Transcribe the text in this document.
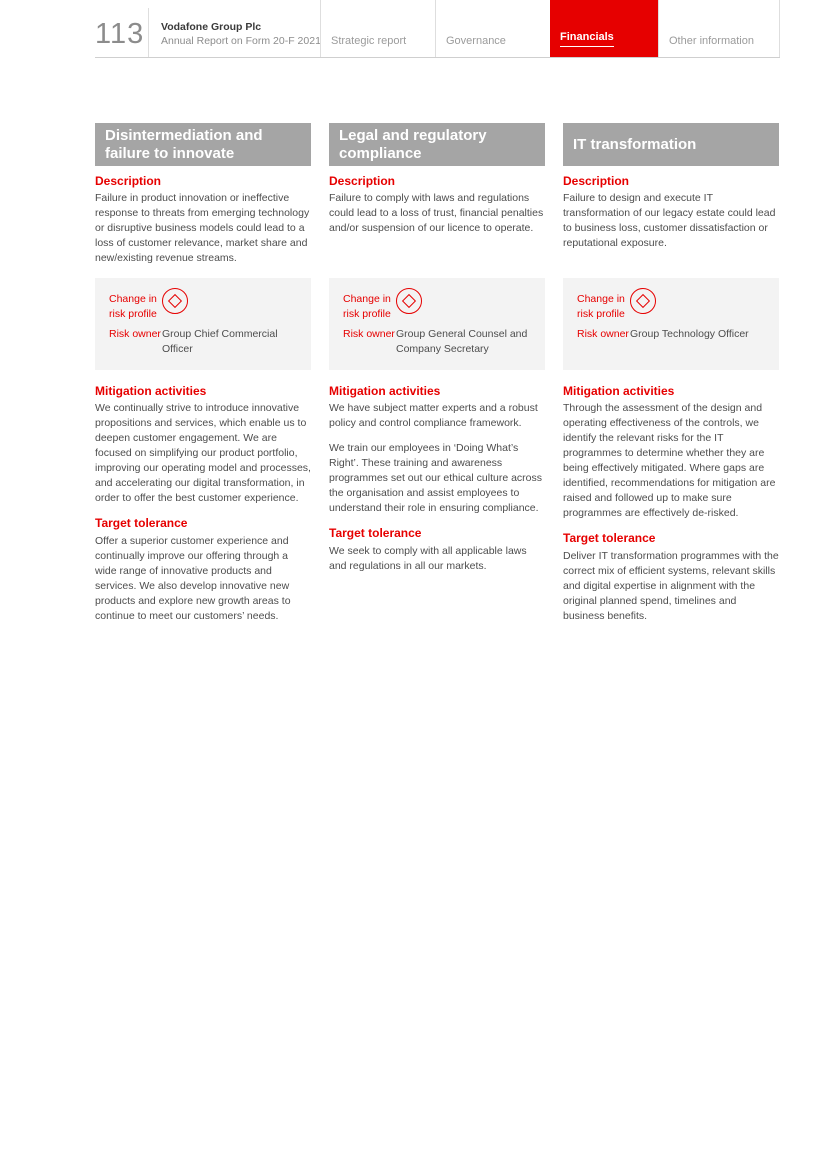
113 Vodafone Group Plc
Annual Report on Form 20-F 2021 Strategic report	Governance	Financials	Other information
Disintermediation and failure to innovate
Description

Failure in product innovation or ineffective response to threats from emerging technology or disruptive business models could lead to a loss of customer relevance, market share and new/existing revenue streams.

Change in risk profile
Risk owner Group Chief Commercial Officer
Mitigation activities

We continually strive to introduce innovative propositions and services, which enable us to deepen customer engagement. We are focused on simplifying our product portfolio, improving our operating model and processes, and accelerating our digital transformation, in order to offer the best customer experience.

Target tolerance

Offer a superior customer experience and continually improve our offering through a wide range of innovative products and services. We also develop innovative new products and explore new growth areas to continue to meet our customers’ needs.

Legal and regulatory compliance
Description

Failure to comply with laws and regulations could lead to a loss of trust, financial penalties and/or suspension of our licence to operate.

Change in risk profile
Risk owner Group General Counsel and Company Secretary
Mitigation activities

We have subject matter experts and a robust policy and control compliance framework.

We train our employees in ‘Doing What’s Right’. These training and awareness programmes set out our ethical culture across the organisation and assist employees to understand their role in ensuring compliance.

Target tolerance

We seek to comply with all applicable laws and regulations in all our markets.

IT transformation
Description

Failure to design and execute IT transformation of our legacy estate could lead to business loss, customer dissatisfaction or reputational exposure.

Change in risk profile
Risk owner Group Technology Officer
Mitigation activities

Through the assessment of the design and operating effectiveness of the controls, we identify the relevant risks for the IT programmes to determine whether they are being effectively mitigated. Where gaps are identified, recommendations for mitigation are raised and followed up to make sure programmes are effectively de-risked.

Target tolerance

Deliver IT transformation programmes with the correct mix of efficient systems, relevant skills and digital expertise in alignment with the original planned spend, timelines and business benefits.
